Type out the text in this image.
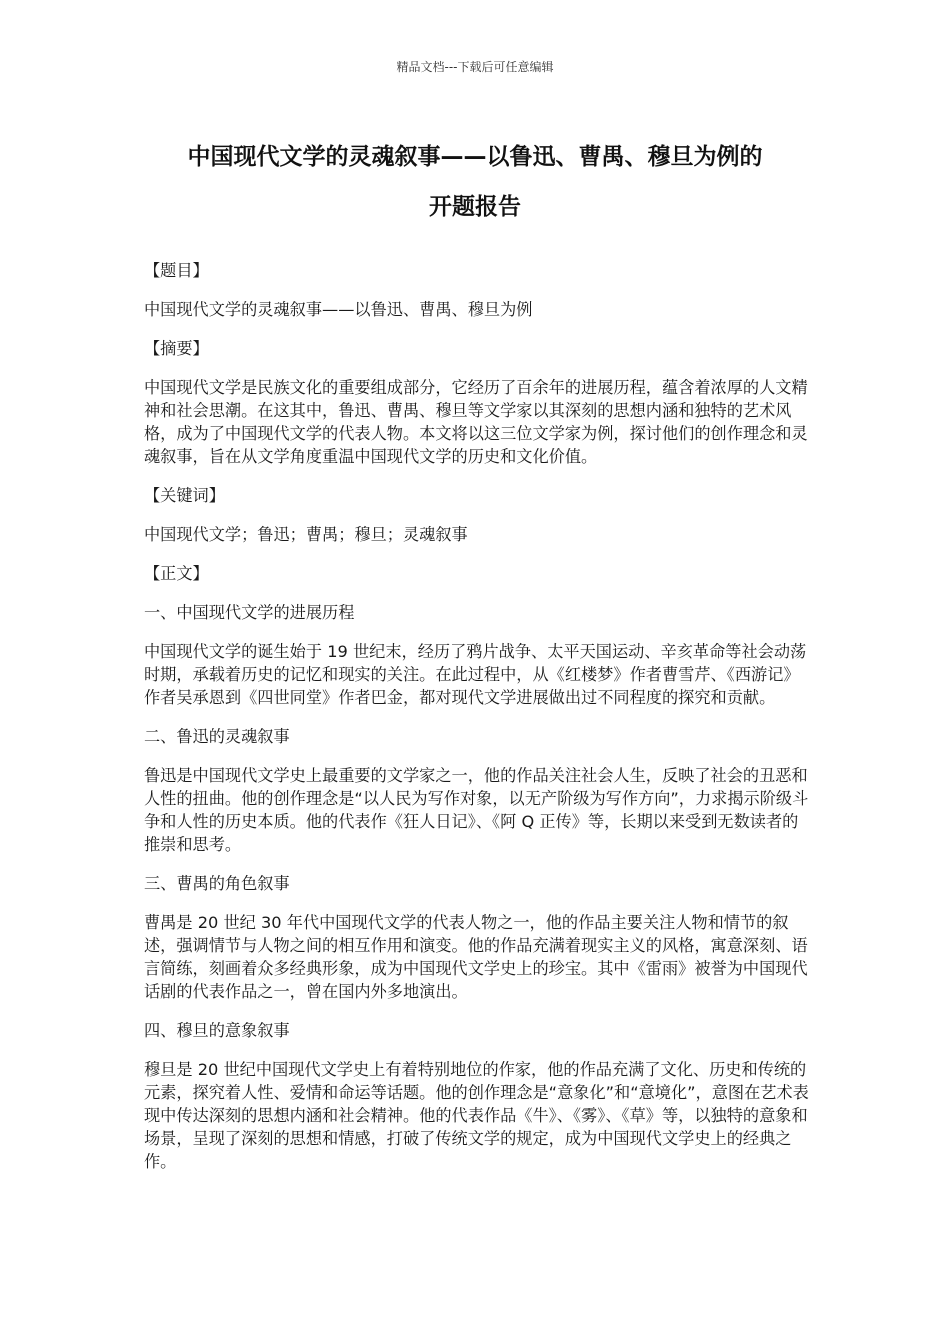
精品文档---下载后可任意编辑
中国现代文学的灵魂叙事——以鲁迅、曹禺、穆旦为例的
开题报告

【题目】

中国现代文学的灵魂叙事——以鲁迅、曹禺、穆旦为例

【摘要】

中国现代文学是民族文化的重要组成部分，它经历了百余年的进展历程，蕴含着浓厚的人文精神和社会思潮。在这其中，鲁迅、曹禺、穆旦等文学家以其深刻的思想内涵和独特的艺术风格，成为了中国现代文学的代表人物。本文将以这三位文学家为例，探讨他们的创作理念和灵魂叙事，旨在从文学角度重温中国现代文学的历史和文化价值。

【关键词】

中国现代文学；鲁迅；曹禺；穆旦；灵魂叙事

【正文】

一、中国现代文学的进展历程

中国现代文学的诞生始于 19 世纪末，经历了鸦片战争、太平天国运动、辛亥革命等社会动荡时期，承载着历史的记忆和现实的关注。在此过程中，从《红楼梦》作者曹雪芹、《西游记》作者吴承恩到《四世同堂》作者巴金，都对现代文学进展做出过不同程度的探究和贡献。

二、鲁迅的灵魂叙事

鲁迅是中国现代文学史上最重要的文学家之一，他的作品关注社会人生，反映了社会的丑恶和人性的扭曲。他的创作理念是“以人民为写作对象，以无产阶级为写作方向”，力求揭示阶级斗争和人性的历史本质。他的代表作《狂人日记》、《阿 Q 正传》等，长期以来受到无数读者的推崇和思考。

三、曹禺的角色叙事

曹禺是 20 世纪 30 年代中国现代文学的代表人物之一，他的作品主要关注人物和情节的叙述，强调情节与人物之间的相互作用和演变。他的作品充满着现实主义的风格，寓意深刻、语言简练，刻画着众多经典形象，成为中国现代文学史上的珍宝。其中《雷雨》被誉为中国现代话剧的代表作品之一，曾在国内外多地演出。

四、穆旦的意象叙事

穆旦是 20 世纪中国现代文学史上有着特别地位的作家，他的作品充满了文化、历史和传统的元素，探究着人性、爱情和命运等话题。他的创作理念是“意象化”和“意境化”，意图在艺术表现中传达深刻的思想内涵和社会精神。他的代表作品《牛》、《雾》、《草》等，以独特的意象和场景，呈现了深刻的思想和情感，打破了传统文学的规定，成为中国现代文学史上的经典之作。
